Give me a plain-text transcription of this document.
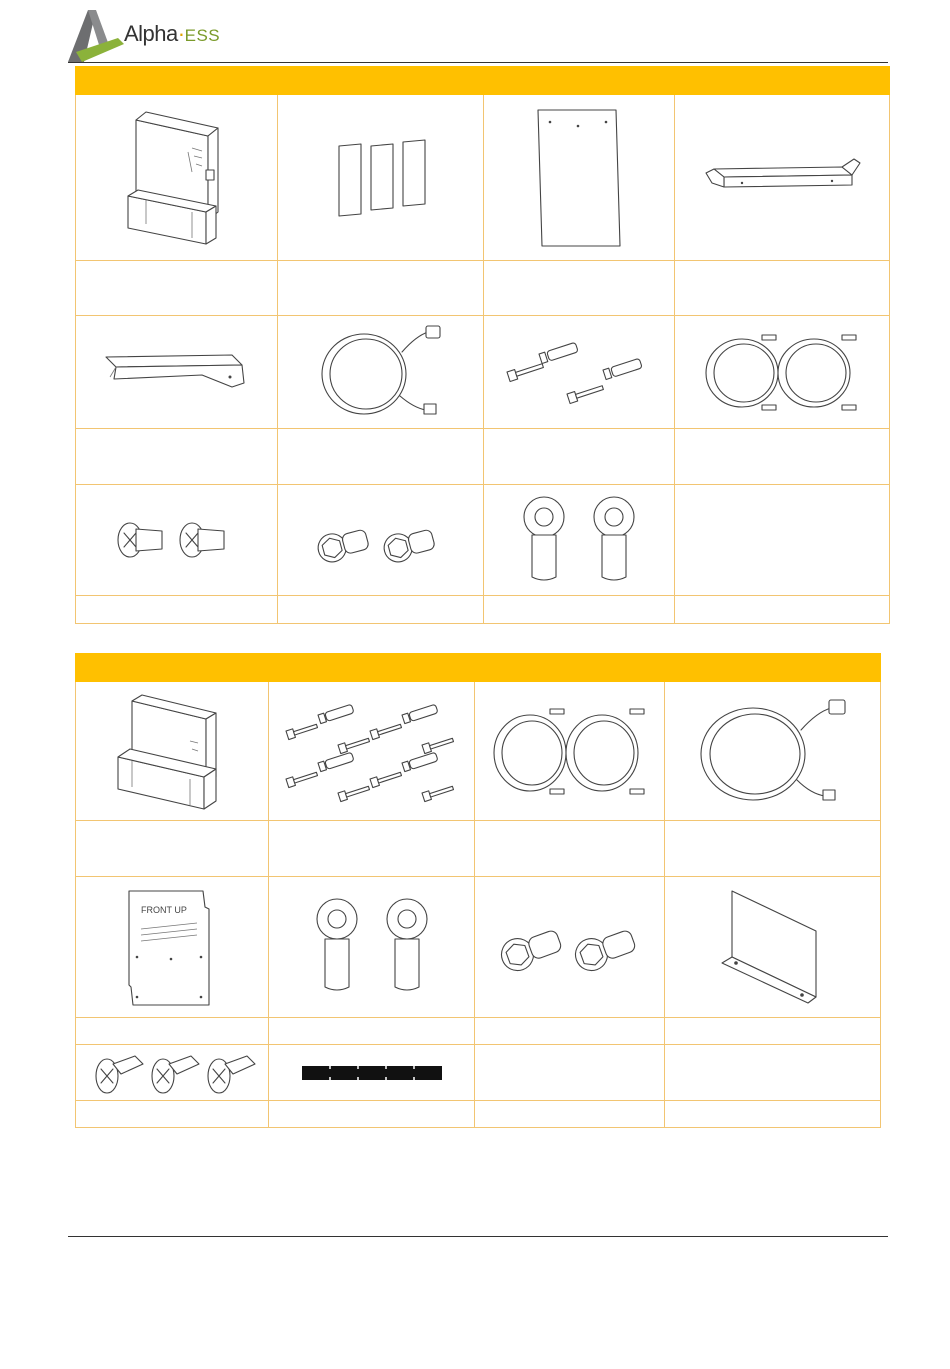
Alpha·ESS

FRONT UP
